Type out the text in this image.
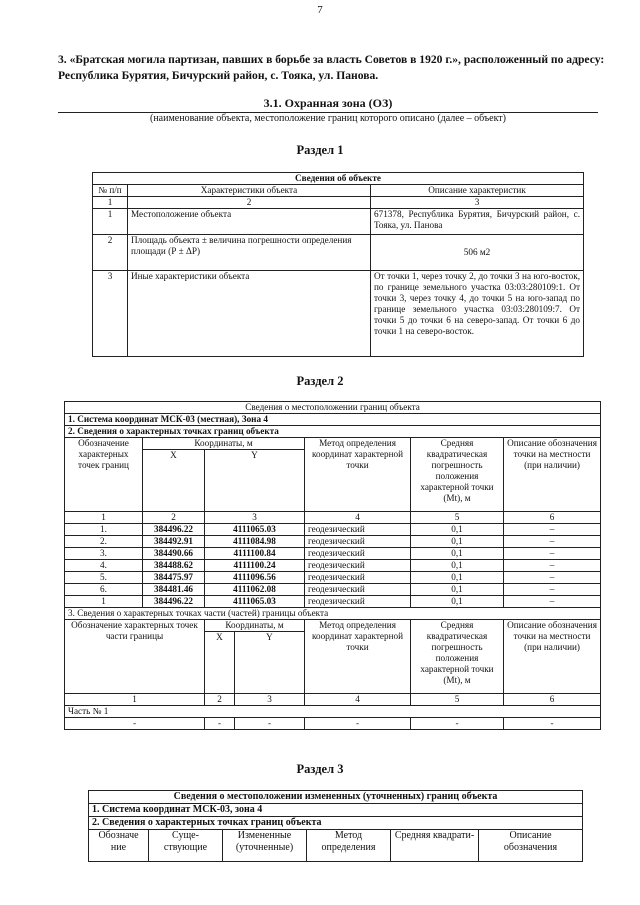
7
3. «Братская могила партизан, павших в борьбе за власть Советов в 1920 г.», расположенный по адресу: Республика Бурятия, Бичурский район, с. Тояка, ул. Панова.
3.1. Охранная зона (ОЗ)
(наименование объекта, местоположение границ которого описано (далее – объект)
Раздел 1
Сведения об объекте		
№ п/п	Характеристики объекта	Описание характеристик
1	2	3
1	Местоположение объекта	671378, Республика Бурятия, Бичурский район, с. Тояка, ул. Панова
2	Площадь объекта ± величина погрешности определения площади (Р ± ΔР)	506 м2
3	Иные характеристики объекта	От точки 1, через точку 2, до точки 3 на юго-восток, по границе земельного участка 03:03:280109:1. От точки 3, через точку 4, до точки 5 на юго-запад по границе земельного участка 03:03:280109:7. От точки 5 до точки 6 на северо-запад. От точки 6 до точки 1 на северо-восток.
Раздел 2
Сведения о местоположении границ объекта						
1. Система координат МСК-03 (местная), Зона 4						
2. Сведения о характерных точках границ объекта						
Обозначение характерных точек границ	Координаты, м			Метод определения координат характерной точки	Средняя квадратическая погрешность положения характерной точки (Mt), м	Описание обозначения точки на местности (при наличии)
	X	Y				
1	2	3		4	5	6
1.	384496.22	4111065.03		геодезический	0,1	–
2.	384492.91	4111084.98		геодезический	0,1	–
3.	384490.66	4111100.84		геодезический	0,1	–
4.	384488.62	4111100.24		геодезический	0,1	–
5.	384475.97	4111096.56		геодезический	0,1	–
6.	384481.46	4111062.08		геодезический	0,1	–
1	384496.22	4111065.03		геодезический	0,1	–
3. Сведения о характерных точках части (частей) границы объекта						
Обозначение характерных точек части границы		Координаты, м		Метод определения координат характерной точки	Средняя квадратическая погрешность положения характерной точки (Mt), м	Описание обозначения точки на местности (при наличии)
		X	Y			
1		2	3	4	5	6
Часть № 1						
-		-	-	-	-	-
Раздел 3
Сведения о местоположении измененных (уточненных) границ объекта
1. Система координат МСК-03, зона 4
2. Сведения о характерных точках границ объекта
Обозначе ние	Суще- ствующие	Измененные (уточненные)	Метод определения	Средняя квадрати-	Описание обозначения
